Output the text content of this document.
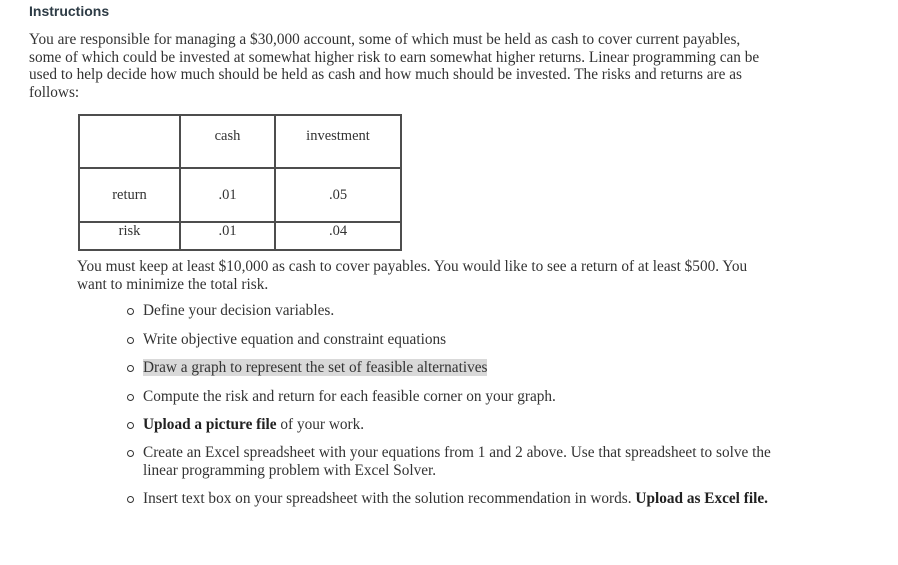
Instructions
You are responsible for managing a $30,000 account, some of which must be held as cash to cover current payables, some of which could be invested at somewhat higher risk to earn somewhat higher returns. Linear programming can be used to help decide how much should be held as cash and how much should be invested. The risks and returns are as follows:

	cash	investment

return	.01	.05

risk	.01	.04
You must keep at least $10,000 as cash to cover payables. You would like to see a return of at least $500. You want to minimize the total risk.
Define your decision variables.
Write objective equation and constraint equations
Draw a graph to represent the set of feasible alternatives
Compute the risk and return for each feasible corner on your graph.
Upload a picture file of your work.
Create an Excel spreadsheet with your equations from 1 and 2 above. Use that spreadsheet to solve the linear programming problem with Excel Solver.
Insert text box on your spreadsheet with the solution recommendation in words. Upload as Excel file.
